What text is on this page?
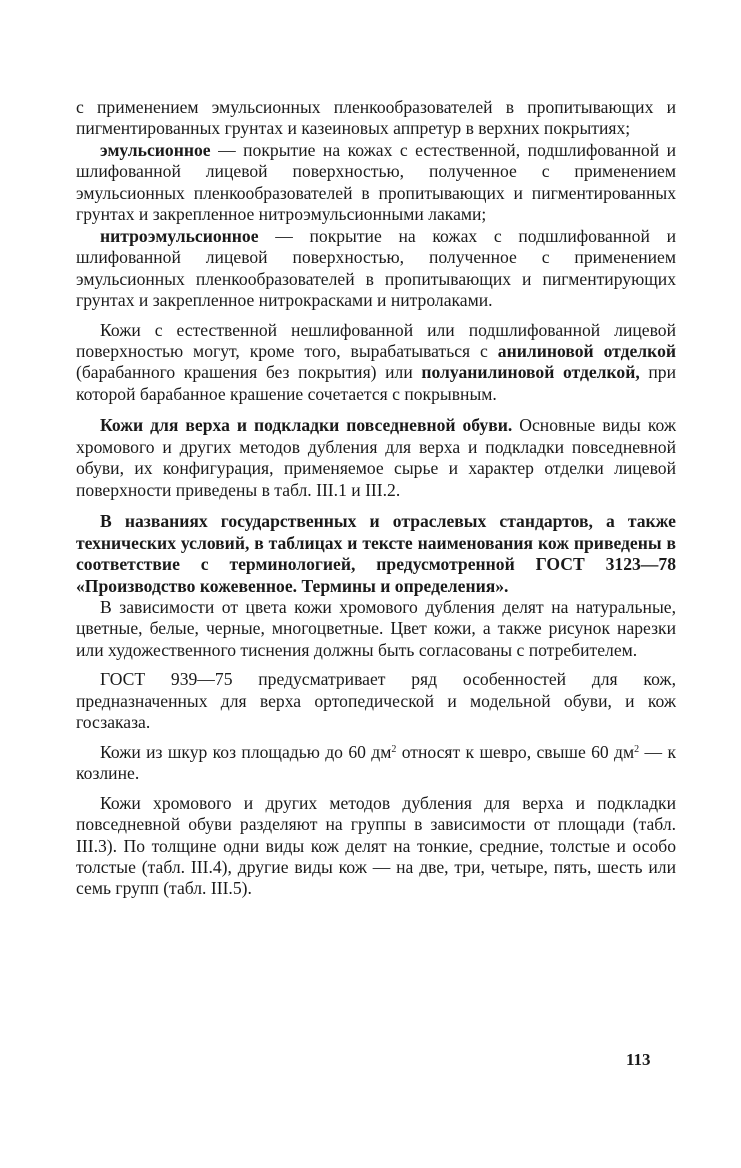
с применением эмульсионных пленкообразователей в пропитывающих и пигментированных грунтах и казеиновых аппретур в верхних покрытиях;

эмульсионное — покрытие на кожах с естественной, подшлифованной и шлифованной лицевой поверхностью, полученное с применением эмульсионных пленкообразователей в пропитывающих и пигментированных грунтах и закрепленное нитроэмульсионными лаками;

нитроэмульсионное — покрытие на кожах с подшлифованной и шлифованной лицевой поверхностью, полученное с применением эмульсионных пленкообразователей в пропитывающих и пигментирующих грунтах и закрепленное нитрокрасками и нитролаками.

Кожи с естественной нешлифованной или подшлифованной лицевой поверхностью могут, кроме того, вырабатываться с анилиновой отделкой (барабанного крашения без покрытия) или полуанилиновой отделкой, при которой барабанное крашение сочетается с покрывным.

Кожи для верха и подкладки повседневной обуви. Основные виды кож хромового и других методов дубления для верха и подкладки повседневной обуви, их конфигурация, применяемое сырье и характер отделки лицевой поверхности приведены в табл. III.1 и III.2.

В названиях государственных и отраслевых стандартов, а также технических условий, в таблицах и тексте наименования кож приведены в соответствие с терминологией, предусмотренной ГОСТ 3123—78 «Производство кожевенное. Термины и определения».

В зависимости от цвета кожи хромового дубления делят на натуральные, цветные, белые, черные, многоцветные. Цвет кожи, а также рисунок нарезки или художественного тиснения должны быть согласованы с потребителем.

ГОСТ 939—75 предусматривает ряд особенностей для кож, предназначенных для верха ортопедической и модельной обуви, и кож госзаказа.

Кожи из шкур коз площадью до 60 $дм^2$ относят к шевро, свыше 60 $дм^2$ — к козлине.

Кожи хромового и других методов дубления для верха и подкладки повседневной обуви разделяют на группы в зависимости от площади (табл. III.3). По толщине одни виды кож делят на тонкие, средние, толстые и особо толстые (табл. III.4), другие виды кож — на две, три, четыре, пять, шесть или семь групп (табл. III.5).

113
